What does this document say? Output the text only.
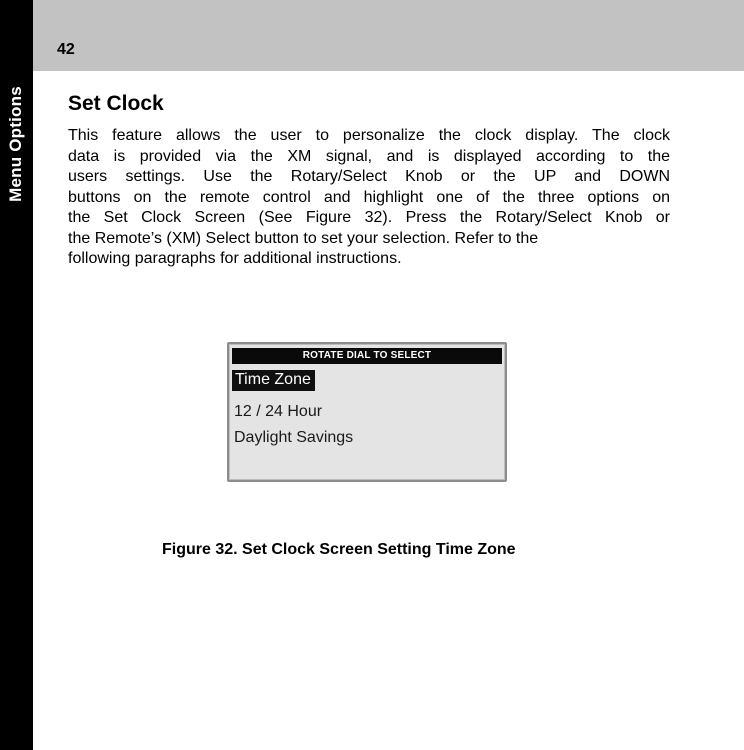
Menu Options
42
Set Clock

This feature allows the user to personalize the clock display. The clock
data is provided via the XM signal, and is displayed according to the
users settings. Use the Rotary/Select Knob or the UP and DOWN
buttons on the remote control and highlight one of the three options on
the Set Clock Screen (See Figure 32). Press the Rotary/Select Knob or
the Remote’s (XM) Select button to set your selection. Refer to the
following paragraphs for additional instructions.

ROTATE DIAL TO SELECT
Time Zone
12 / 24 Hour
Daylight Savings
Figure 32. Set Clock Screen Setting Time Zone
